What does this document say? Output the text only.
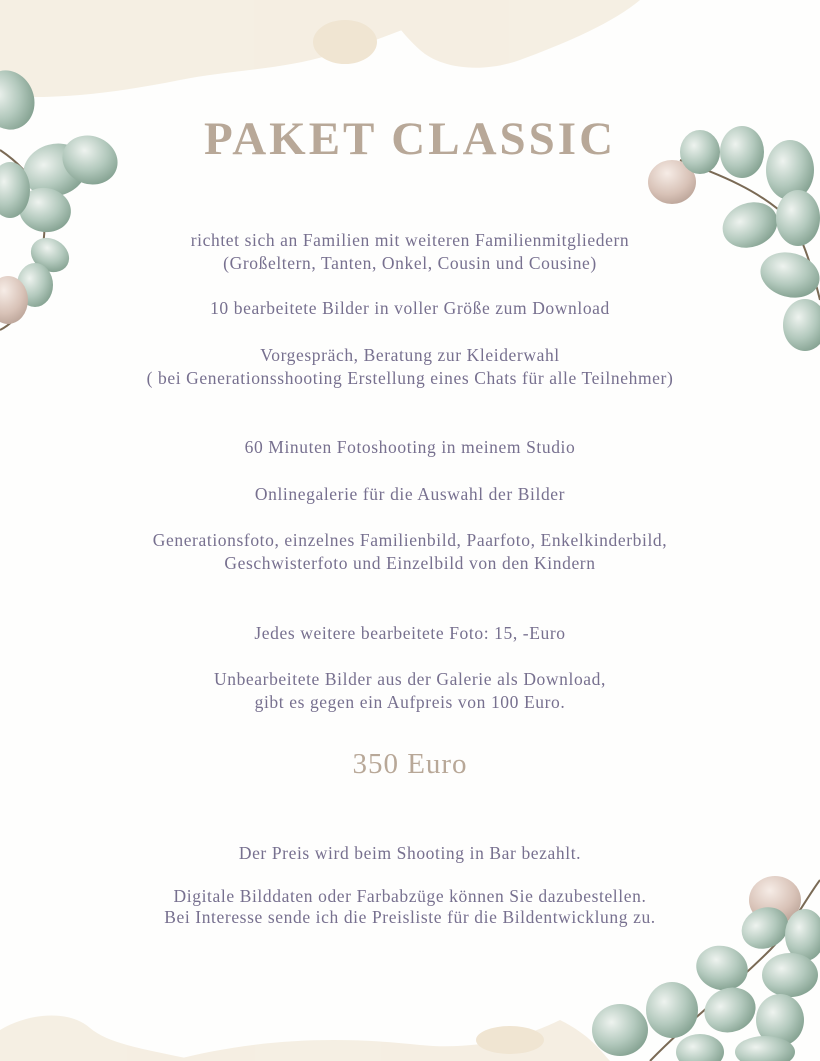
PAKET CLASSIC

richtet sich an Familien mit weiteren Familienmitgliedern

(Großeltern, Tanten, Onkel, Cousin und Cousine)

10 bearbeitete Bilder in voller Größe zum Download

Vorgespräch, Beratung zur Kleiderwahl

( bei Generationsshooting Erstellung eines Chats für alle Teilnehmer)

60 Minuten Fotoshooting in meinem Studio

Onlinegalerie für die Auswahl der Bilder

Generationsfoto, einzelnes Familienbild, Paarfoto, Enkelkinderbild,

Geschwisterfoto und Einzelbild von den Kindern

Jedes weitere bearbeitete Foto: 15, -Euro

Unbearbeitete Bilder aus der Galerie als Download,

gibt es gegen ein Aufpreis von 100 Euro.

350 Euro

Der Preis wird beim Shooting in Bar bezahlt.

Digitale Bilddaten oder Farbabzüge können Sie dazubestellen.

Bei Interesse sende ich die Preisliste für die Bildentwicklung zu.
